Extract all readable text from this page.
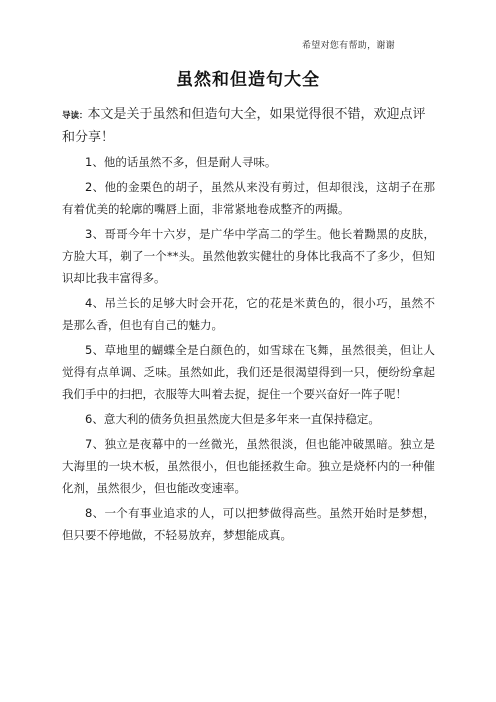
希望对您有帮助，谢谢
虽然和但造句大全

导读：本文是关于虽然和但造句大全，如果觉得很不错，欢迎点评和分享！

1、他的话虽然不多，但是耐人寻味。

2、他的金栗色的胡子，虽然从来没有剪过，但却很浅，这胡子在那有着优美的轮廓的嘴唇上面，非常紧地卷成整齐的两撮。

3、哥哥今年十六岁，是广华中学高二的学生。他长着黝黑的皮肤，方脸大耳，剃了一个**头。虽然他敦实健壮的身体比我高不了多少，但知识却比我丰富得多。

4、吊兰长的足够大时会开花，它的花是米黄色的，很小巧，虽然不是那么香，但也有自己的魅力。

5、草地里的蝴蝶全是白颜色的，如雪球在飞舞，虽然很美，但让人觉得有点单调、乏味。虽然如此，我们还是很渴望得到一只，便纷纷拿起我们手中的扫把，衣服等大叫着去捉，捉住一个要兴奋好一阵子呢！

6、意大利的债务负担虽然庞大但是多年来一直保持稳定。

7、独立是夜幕中的一丝微光，虽然很淡，但也能冲破黑暗。独立是大海里的一块木板，虽然很小，但也能拯救生命。独立是烧杯内的一种催化剂，虽然很少，但也能改变速率。

8、一个有事业追求的人，可以把梦做得高些。虽然开始时是梦想，但只要不停地做，不轻易放弃，梦想能成真。
